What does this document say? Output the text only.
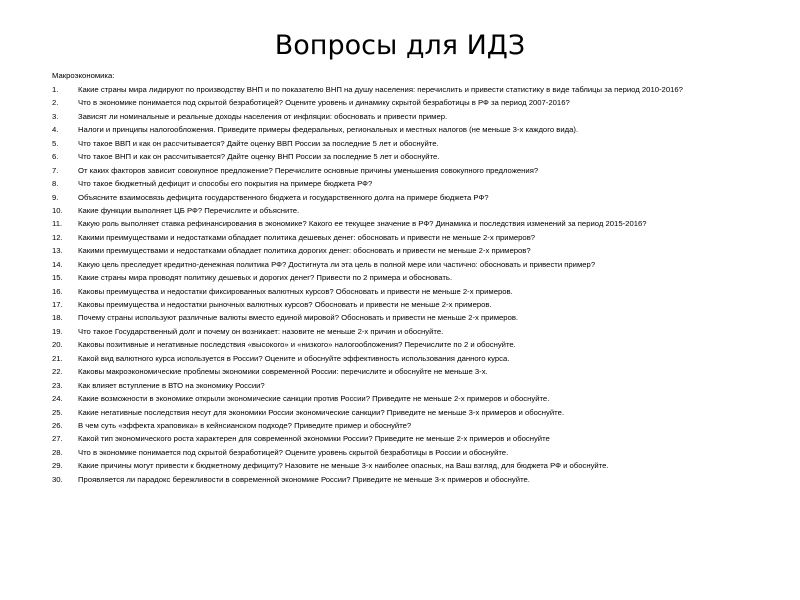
Вопросы для ИДЗ
Макроэкономика:
1.	Какие страны мира лидируют по производству ВНП и по показателю ВНП на душу населения: перечислить и привести статистику в виде таблицы за период 2010-2016?
2.	Что в экономике понимается под скрытой безработицей? Оцените уровень и динамику скрытой безработицы в РФ за период 2007-2016?
3.	Зависят ли номинальные и реальные доходы населения от инфляции: обосновать и привести пример.
4.	Налоги и принципы налогообложения. Приведите примеры федеральных, региональных и местных налогов (не меньше 3-х каждого вида).
5.	Что такое ВВП и как он рассчитывается? Дайте оценку ВВП России за последние 5 лет и обоснуйте.
6.	Что такое ВНП и как он рассчитывается? Дайте оценку ВНП России за последние 5 лет и обоснуйте.
7.	От каких факторов зависит совокупное предложение? Перечислите основные причины уменьшения совокупного предложения?
8.	Что такое бюджетный дефицит и способы его покрытия на примере бюджета РФ?
9.	Объясните взаимосвязь дефицита государственного бюджета и государственного долга на примере бюджета РФ?
10.	Какие функции выполняет ЦБ РФ? Перечислите и объясните.
11.	Какую роль выполняет ставка рефинансирования в экономике? Какого ее текущее значение в РФ? Динамика и последствия изменений за период 2015-2016?
12.	Какими преимуществами и недостатками обладает политика дешевых денег: обосновать и привести не меньше 2-х примеров?
13.	Какими преимуществами и недостатками обладает политика дорогих денег: обосновать и привести не меньше 2-х примеров?
14.	Какую цель преследует кредитно-денежная политика РФ? Достигнута ли эта цель в полной мере или частично: обосновать и привести пример?
15.	Какие страны мира проводят политику дешевых и дорогих денег? Привести по 2 примера и обосновать.
16.	Каковы преимущества и недостатки фиксированных валютных курсов? Обосновать и привести не меньше 2-х примеров.
17.	Каковы преимущества и недостатки рыночных валютных курсов? Обосновать и привести не меньше 2-х примеров.
18.	Почему страны используют различные валюты вместо единой мировой? Обосновать и привести не меньше 2-х примеров.
19.	Что такое Государственный долг и почему он возникает: назовите не меньше 2-х причин и обоснуйте.
20.	Каковы позитивные и негативные последствия «высокого» и «низкого» налогообложения? Перечислите по 2 и обоснуйте.
21.	Какой вид валютного курса используется в России? Оцените и обоснуйте эффективность использования данного курса.
22.	Каковы макроэкономические проблемы экономики современной России: перечислите и обоснуйте не меньше 3-х.
23.	Как влияет вступление в ВТО на экономику России?
24.	Какие возможности в экономике открыли экономические санкции против России? Приведите не меньше 2-х примеров и обоснуйте.
25.	Какие негативные последствия несут для экономики России экономические санкции? Приведите не меньше 3-х примеров и обоснуйте.
26.	В чем суть «эффекта храповика» в кейнсианском подходе? Приведите пример и обоснуйте?
27.	Какой тип экономического роста характерен для современной экономики России? Приведите не меньше 2-х примеров и обоснуйте
28.	Что в экономике понимается под скрытой безработицей? Оцените уровень скрытой безработицы в России и обоснуйте.
29.	Какие причины могут привести к бюджетному дефициту? Назовите не меньше 3-х наиболее опасных, на Ваш взгляд, для бюджета РФ и обоснуйте.
30.	Проявляется ли парадокс бережливости в современной экономике России? Приведите не меньше 3-х примеров и обоснуйте.
